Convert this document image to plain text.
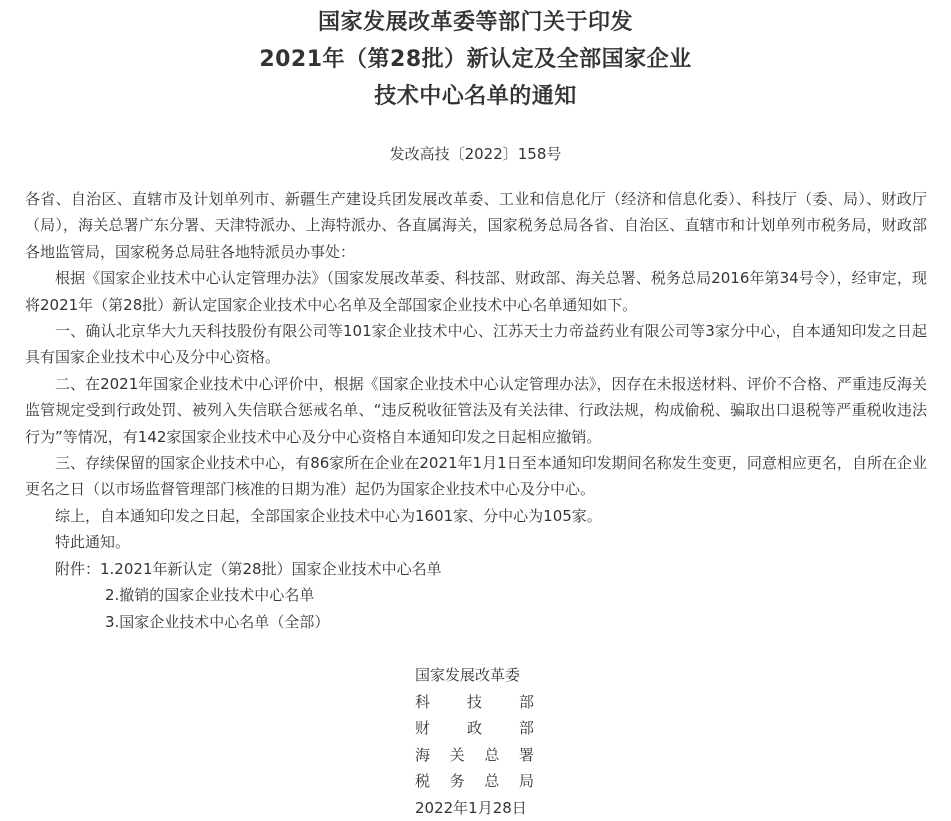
国家发展改革委等部门关于印发
2021年（第28批）新认定及全部国家企业
技术中心名单的通知
发改高技〔2022〕158号

各省、自治区、直辖市及计划单列市、新疆生产建设兵团发展改革委、工业和信息化厅（经济和信息化委）、科技厅（委、局）、财政厅（局），海关总署广东分署、天津特派办、上海特派办、各直属海关，国家税务总局各省、自治区、直辖市和计划单列市税务局，财政部各地监管局，国家税务总局驻各地特派员办事处：

根据《国家企业技术中心认定管理办法》（国家发展改革委、科技部、财政部、海关总署、税务总局2016年第34号令），经审定，现将2021年（第28批）新认定国家企业技术中心名单及全部国家企业技术中心名单通知如下。

一、确认北京华大九天科技股份有限公司等101家企业技术中心、江苏天士力帝益药业有限公司等3家分中心，自本通知印发之日起具有国家企业技术中心及分中心资格。

二、在2021年国家企业技术中心评价中，根据《国家企业技术中心认定管理办法》，因存在未报送材料、评价不合格、严重违反海关监管规定受到行政处罚、被列入失信联合惩戒名单、“违反税收征管法及有关法律、行政法规，构成偷税、骗取出口退税等严重税收违法行为”等情况，有142家国家企业技术中心及分中心资格自本通知印发之日起相应撤销。

三、存续保留的国家企业技术中心，有86家所在企业在2021年1月1日至本通知印发期间名称发生变更，同意相应更名，自所在企业更名之日（以市场监督管理部门核准的日期为准）起仍为国家企业技术中心及分中心。

综上，自本通知印发之日起，全部国家企业技术中心为1601家、分中心为105家。

特此通知。

附件：1.2021年新认定（第28批）国家企业技术中心名单

2.撤销的国家企业技术中心名单

3.国家企业技术中心名单（全部）

国家发展改革委
科 技 部
财 政 部
海 关 总 署
税 务 总 局
2022年1月28日
